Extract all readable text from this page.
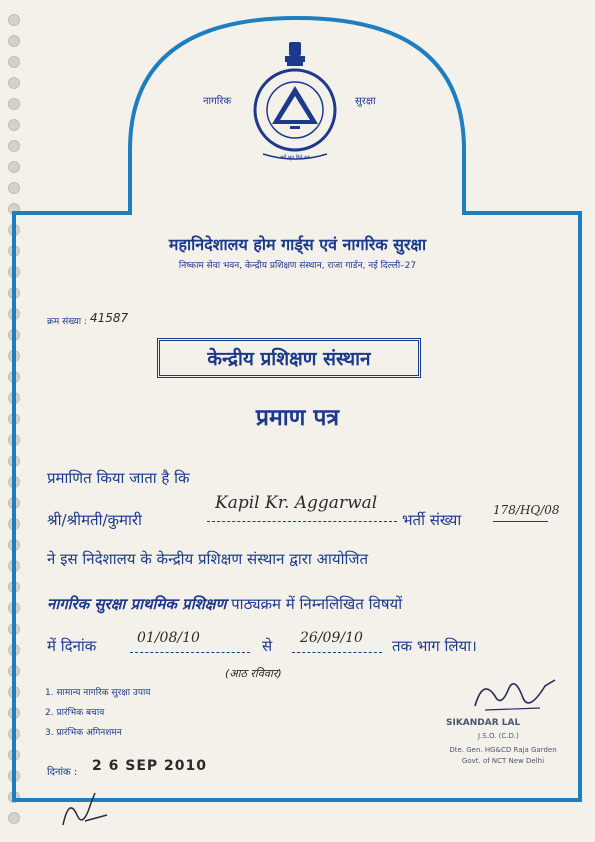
सर्वे भूत हिते रतः
नागरिक	सुरक्षा
महानिदेशालय होम गार्ड्स एवं नागरिक सुरक्षा
निष्काम सेवा भवन, केन्द्रीय प्रशिक्षण संस्थान, राजा गार्डन, नई दिल्ली–27
क्रम संख्या : 41587
केन्द्रीय प्रशिक्षण संस्थान
प्रमाण पत्र
प्रमाणित किया जाता है कि
श्री/श्रीमती/कुमारी
Kapil Kr. Aggarwal
भर्ती संख्या
178/HQ/08
ने इस निदेशालय के केन्द्रीय प्रशिक्षण संस्थान द्वारा आयोजित
नागरिक सुरक्षा प्राथमिक प्रशिक्षण पाठ्यक्रम में निम्नलिखित विषयों
में दिनांक	01/08/10	से 26/09/10 तक भाग लिया।
(आठ रविवार)
1. सामान्य नागरिक सुरक्षा उपाय
2. प्रारंभिक बचाव
3. प्रारंभिक अगिनशमन
SIKANDAR LAL
J.S.O. (C.D.)
Dte. Gen. HG&CD Raja Garden
Govt. of NCT New Delhi
दिनांक : 2 6 SEP 2010
